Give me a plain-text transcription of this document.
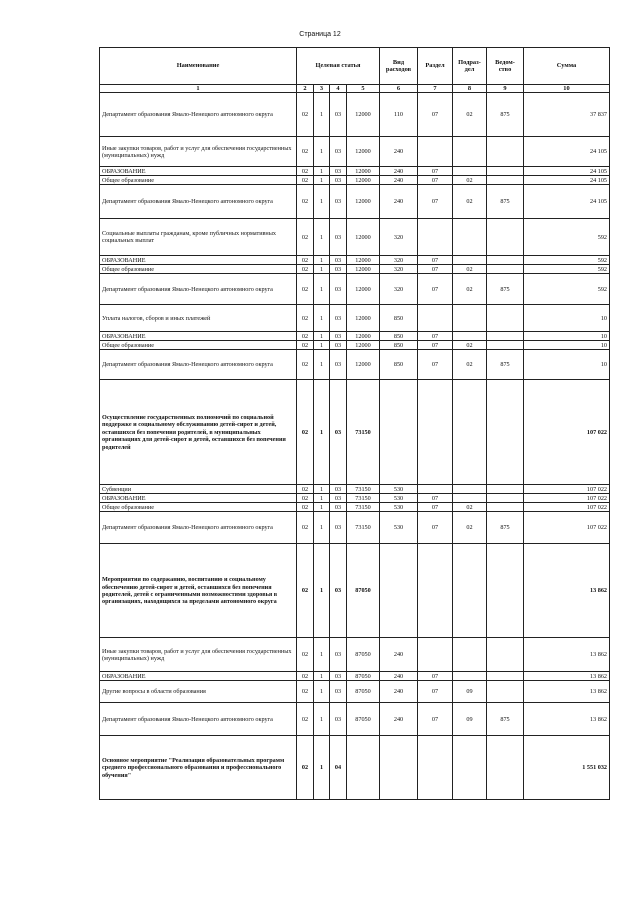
Страница 12
Наименование	Целевая статья				Вид расходов	Раздел	Подраз-дел	Ведом-ство	Сумма
1	2	3	4	5	6	7	8	9	10
Департамент образования Ямало-Ненецкого автономного округа	02	1	03	12000	110	07	02	875	37 837
Иные закупки товаров, работ и услуг для обеспечения государственных (муниципальных) нужд	02	1	03	12000	240				24 105
ОБРАЗОВАНИЕ	02	1	03	12000	240	07			24 105
Общее образование	02	1	03	12000	240	07	02		24 105
Департамент образования Ямало-Ненецкого автономного округа	02	1	03	12000	240	07	02	875	24 105
Социальные выплаты гражданам, кроме публичных нормативных социальных выплат	02	1	03	12000	320				592
ОБРАЗОВАНИЕ	02	1	03	12000	320	07			592
Общее образование	02	1	03	12000	320	07	02		592
Департамент образования Ямало-Ненецкого автономного округа	02	1	03	12000	320	07	02	875	592
Уплата налогов, сборов и иных платежей	02	1	03	12000	850				10
ОБРАЗОВАНИЕ	02	1	03	12000	850	07			10
Общее образование	02	1	03	12000	850	07	02		10
Департамент образования Ямало-Ненецкого автономного округа	02	1	03	12000	850	07	02	875	10
Осуществление государственных полномочий по социальной поддержке и социальному обслуживанию детей-сирот и детей, оставшихся без попечения родителей, в муниципальных организациях для детей-сирот и детей, оставшихся без попечения родителей	02	1	03	73150					107 022
Субвенции	02	1	03	73150	530				107 022
ОБРАЗОВАНИЕ	02	1	03	73150	530	07			107 022
Общее образование	02	1	03	73150	530	07	02		107 022
Департамент образования Ямало-Ненецкого автономного округа	02	1	03	73150	530	07	02	875	107 022
Мероприятия по содержанию, воспитанию и социальному обеспечению детей-сирот и детей, оставшихся без попечения родителей, детей с ограниченными возможностями здоровья в организациях, находящихся за пределами автономного округа	02	1	03	87050					13 862
Иные закупки товаров, работ и услуг для обеспечения государственных (муниципальных) нужд	02	1	03	87050	240				13 862
ОБРАЗОВАНИЕ	02	1	03	87050	240	07			13 862
Другие вопросы в области образования	02	1	03	87050	240	07	09		13 862
Департамент образования Ямало-Ненецкого автономного округа	02	1	03	87050	240	07	09	875	13 862
Основное мероприятие "Реализация образовательных программ среднего профессионального образования и профессионального обучения"	02	1	04						1 551 032
